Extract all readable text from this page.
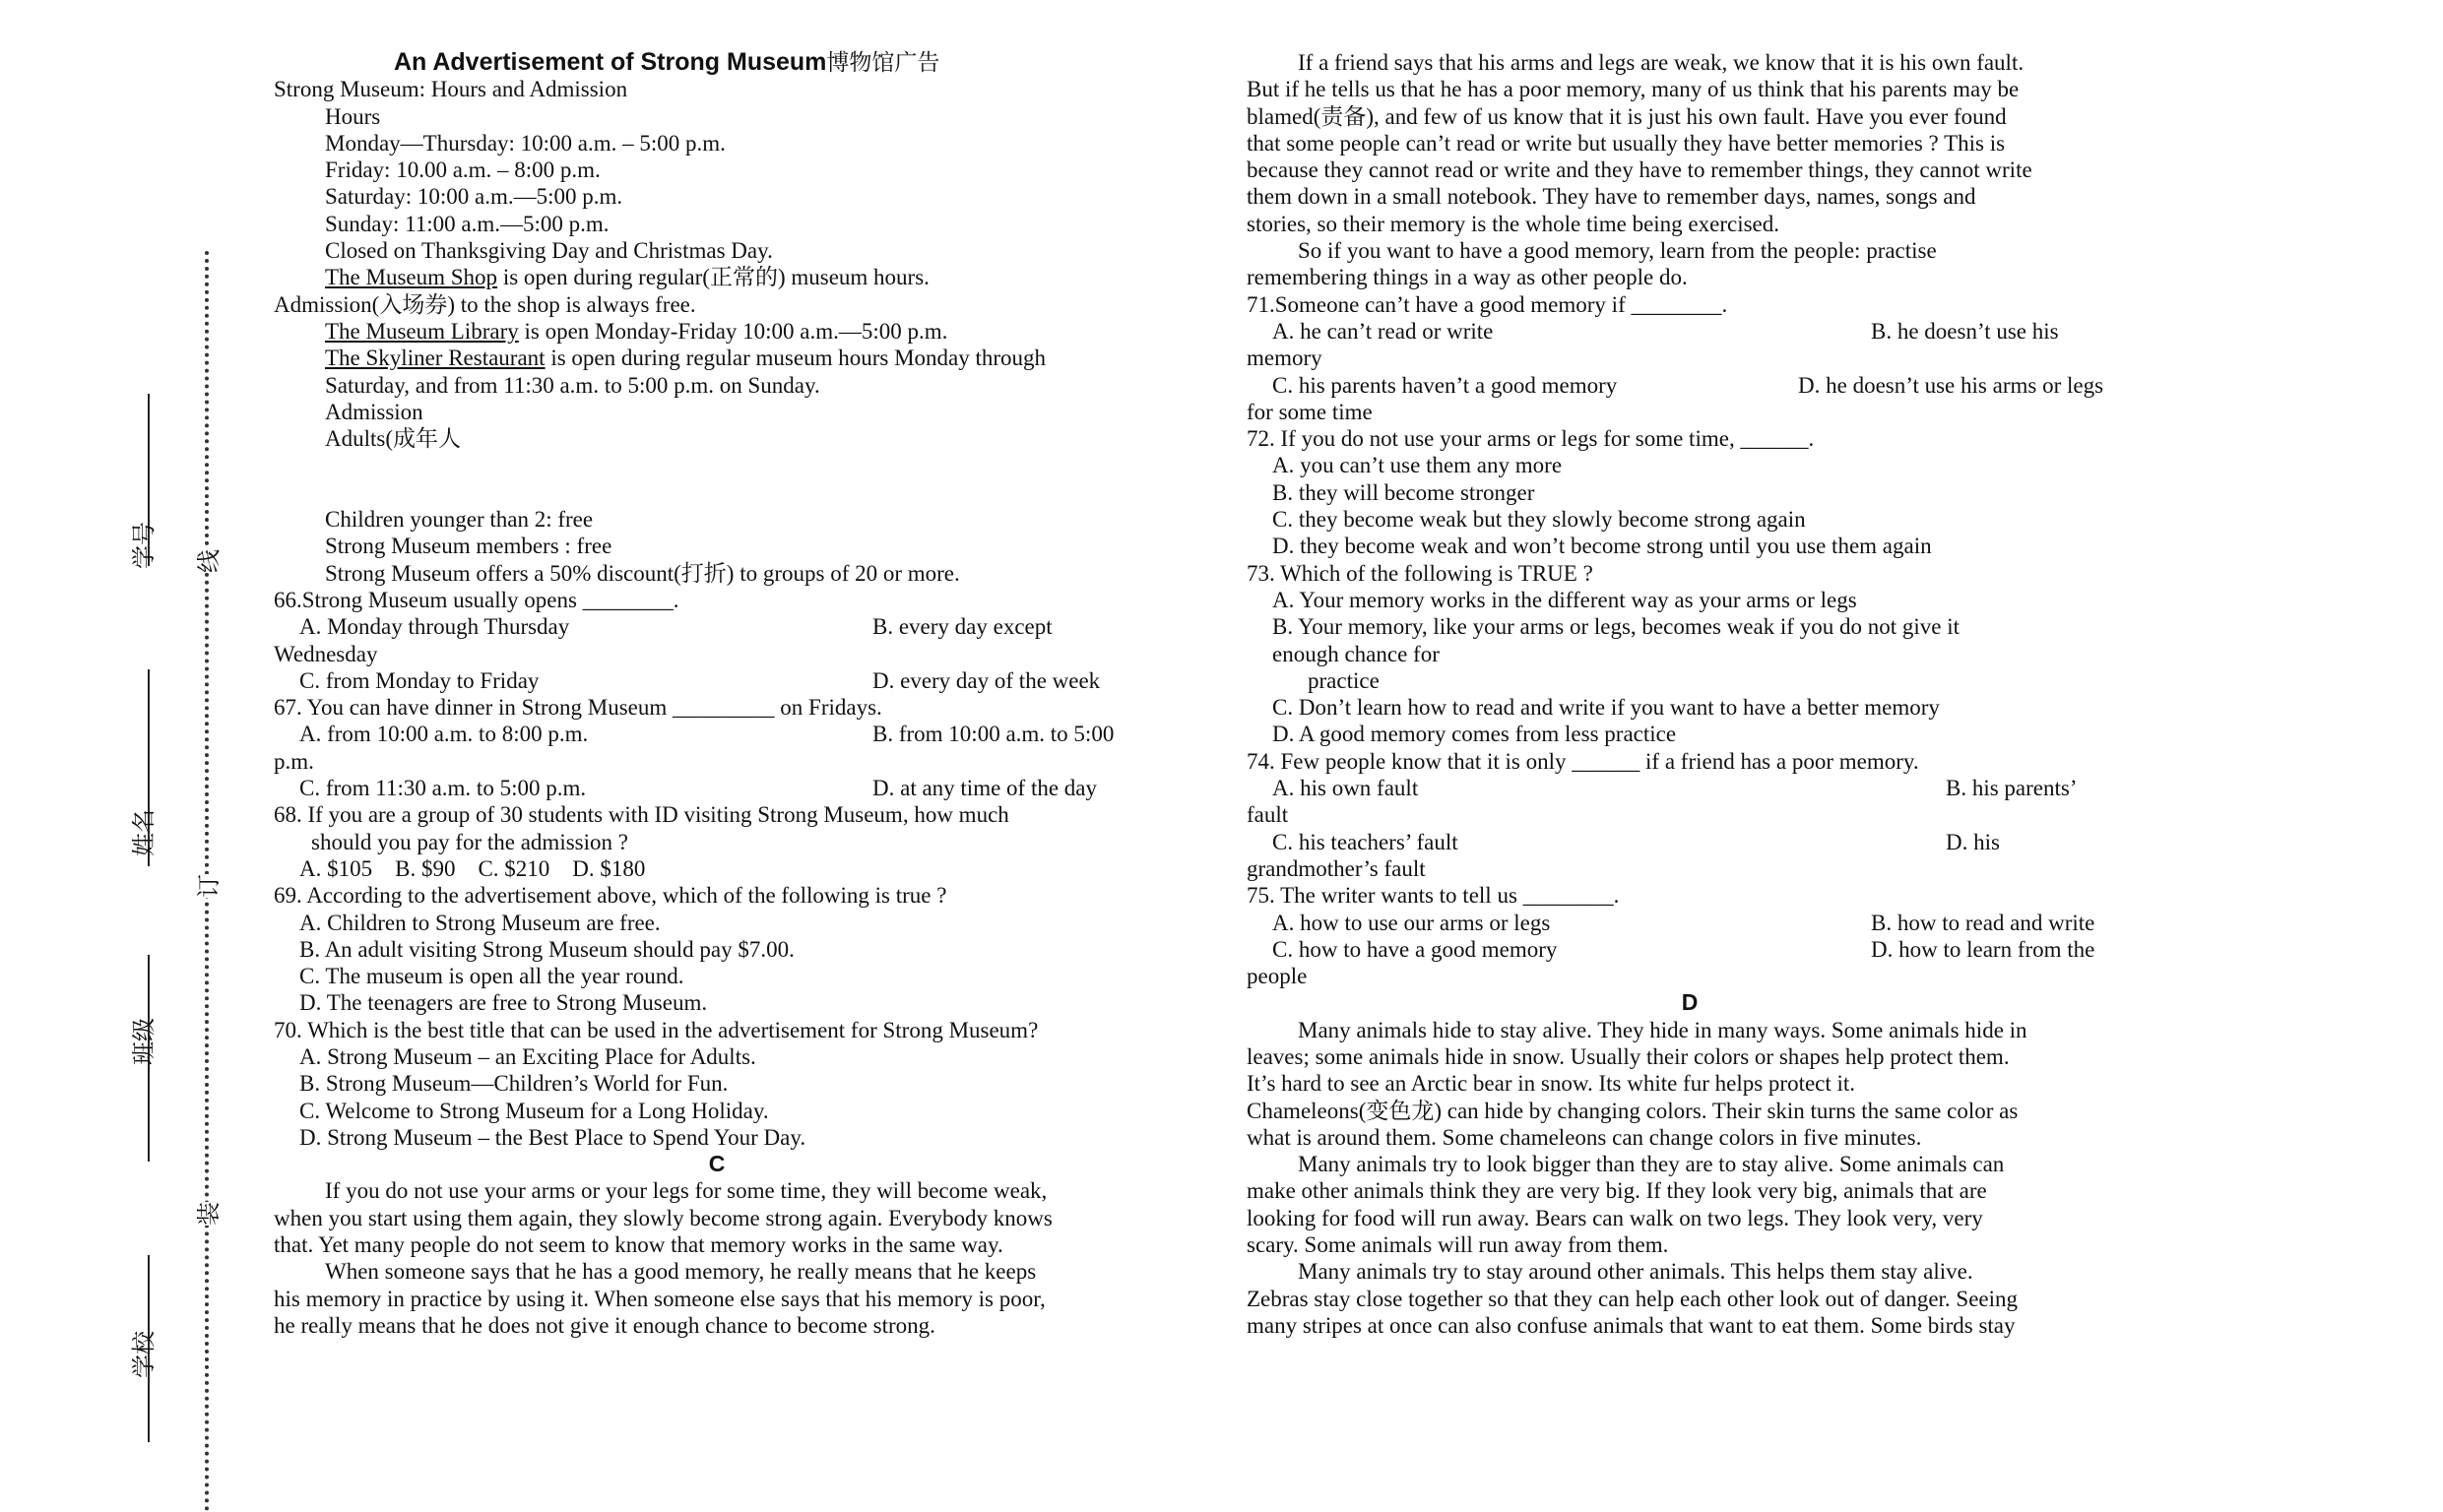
学号
姓名
班级
学校
线
订
装
An Advertisement of Strong Museum博物馆广告
Strong Museum: Hours and Admission
Hours
Monday—Thursday: 10:00 a.m. – 5:00 p.m.
Friday: 10.00 a.m. – 8:00 p.m.
Saturday: 10:00 a.m.—5:00 p.m.
Sunday: 11:00 a.m.—5:00 p.m.
Closed on Thanksgiving Day and Christmas Day.
The Museum Shop is open during regular(正常的) museum hours.
Admission(入场券) to the shop is always free.
The Museum Library is open Monday-Friday 10:00 a.m.—5:00 p.m.
The Skyliner Restaurant is open during regular museum hours Monday through
Saturday, and from 11:30 a.m. to 5:00 p.m. on Sunday.
Admission
Adults(成年人
Children younger than 2: free
Strong Museum members : free
Strong Museum offers a 50% discount(打折) to groups of 20 or more.
66.Strong Museum usually opens ________.
A. Monday through Thursday	B. every day except
Wednesday
C. from Monday to Friday	D. every day of the week
67. You can have dinner in Strong Museum _________ on Fridays.
A. from 10:00 a.m. to 8:00 p.m.	B. from 10:00 a.m. to 5:00
p.m.
C. from 11:30 a.m. to 5:00 p.m.	D. at any time of the day
68. If you are a group of 30 students with ID visiting Strong Museum, how much
should you pay for the admission ?
A. $105    B. $90    C. $210    D. $180
69. According to the advertisement above, which of the following is true ?
A. Children to Strong Museum are free.
B. An adult visiting Strong Museum should pay $7.00.
C. The museum is open all the year round.
D. The teenagers are free to Strong Museum.
70. Which is the best title that can be used in the advertisement for Strong Museum?
A. Strong Museum – an Exciting Place for Adults.
B. Strong Museum—Children’s World for Fun.
C. Welcome to Strong Museum for a Long Holiday.
D. Strong Museum – the Best Place to Spend Your Day.
C
If you do not use your arms or your legs for some time, they will become weak,
when you start using them again, they slowly become strong again. Everybody knows
that. Yet many people do not seem to know that memory works in the same way.
When someone says that he has a good memory, he really means that he keeps
his memory in practice by using it. When someone else says that his memory is poor,
he really means that he does not give it enough chance to become strong.
If a friend says that his arms and legs are weak, we know that it is his own fault.
But if he tells us that he has a poor memory, many of us think that his parents may be
blamed(责备), and few of us know that it is just his own fault. Have you ever found
that some people can’t read or write but usually they have better memories ? This is
because they cannot read or write and they have to remember things, they cannot write
them down in a small notebook. They have to remember days, names, songs and
stories, so their memory is the whole time being exercised.
So if you want to have a good memory, learn from the people: practise
remembering things in a way as other people do.
71.Someone can’t have a good memory if ________.
A. he can’t read or write	B. he doesn’t use his
memory
C. his parents haven’t a good memory	D. he doesn’t use his arms or legs
for some time
72. If you do not use your arms or legs for some time, ______.
A. you can’t use them any more
B. they will become stronger
C. they become weak but they slowly become strong again
D. they become weak and won’t become strong until you use them again
73. Which of the following is TRUE ?
A. Your memory works in the different way as your arms or legs
B. Your memory, like your arms or legs, becomes weak if you do not give it
enough chance for
practice
C. Don’t learn how to read and write if you want to have a better memory
D. A good memory comes from less practice
74. Few people know that it is only ______ if a friend has a poor memory.
A. his own fault	B. his parents’
fault
C. his teachers’ fault	D. his
grandmother’s fault
75. The writer wants to tell us ________.
A. how to use our arms or legs	B. how to read and write
C. how to have a good memory	D. how to learn from the
people
D
Many animals hide to stay alive. They hide in many ways. Some animals hide in
leaves; some animals hide in snow. Usually their colors or shapes help protect them.
It’s hard to see an Arctic bear in snow. Its white fur helps protect it.
Chameleons(变色龙) can hide by changing colors. Their skin turns the same color as
what is around them. Some chameleons can change colors in five minutes.
Many animals try to look bigger than they are to stay alive. Some animals can
make other animals think they are very big. If they look very big, animals that are
looking for food will run away. Bears can walk on two legs. They look very, very
scary. Some animals will run away from them.
Many animals try to stay around other animals. This helps them stay alive.
Zebras stay close together so that they can help each other look out of danger. Seeing
many stripes at once can also confuse animals that want to eat them. Some birds stay
